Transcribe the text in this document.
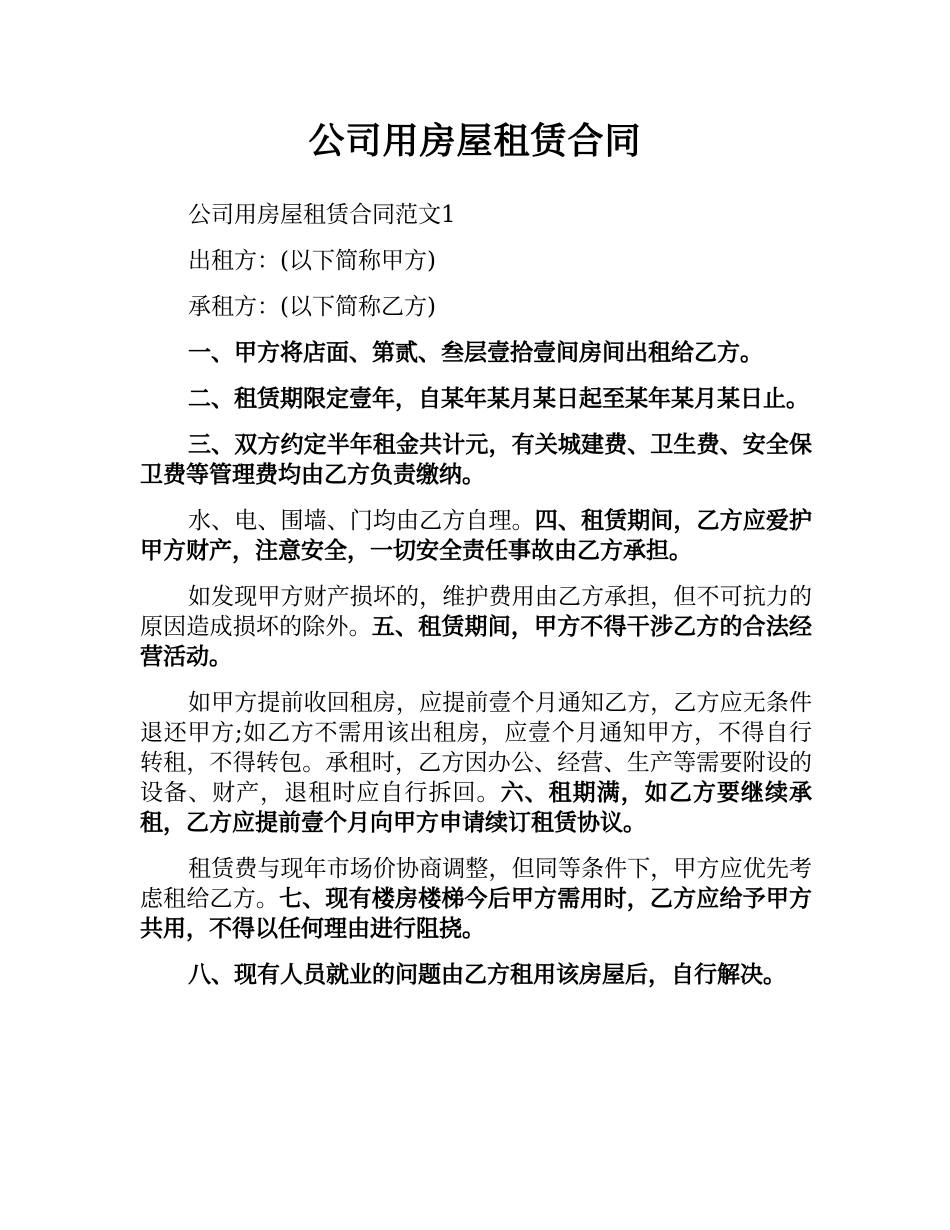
公司用房屋租赁合同

公司用房屋租赁合同范文1

出租方：(以下简称甲方)

承租方：(以下简称乙方)

一、甲方将店面、第贰、叁层壹拾壹间房间出租给乙方。

二、租赁期限定壹年，自某年某月某日起至某年某月某日止。

三、双方约定半年租金共计元，有关城建费、卫生费、安全保卫费等管理费均由乙方负责缴纳。

水、电、围墙、门均由乙方自理。四、租赁期间，乙方应爱护甲方财产，注意安全，一切安全责任事故由乙方承担。

如发现甲方财产损坏的，维护费用由乙方承担，但不可抗力的原因造成损坏的除外。五、租赁期间，甲方不得干涉乙方的合法经营活动。

如甲方提前收回租房，应提前壹个月通知乙方，乙方应无条件退还甲方;如乙方不需用该出租房，应壹个月通知甲方，不得自行转租，不得转包。承租时，乙方因办公、经营、生产等需要附设的设备、财产，退租时应自行拆回。六、租期满，如乙方要继续承租，乙方应提前壹个月向甲方申请续订租赁协议。

租赁费与现年市场价协商调整，但同等条件下，甲方应优先考虑租给乙方。七、现有楼房楼梯今后甲方需用时，乙方应给予甲方共用，不得以任何理由进行阻挠。

八、现有人员就业的问题由乙方租用该房屋后，自行解决。
